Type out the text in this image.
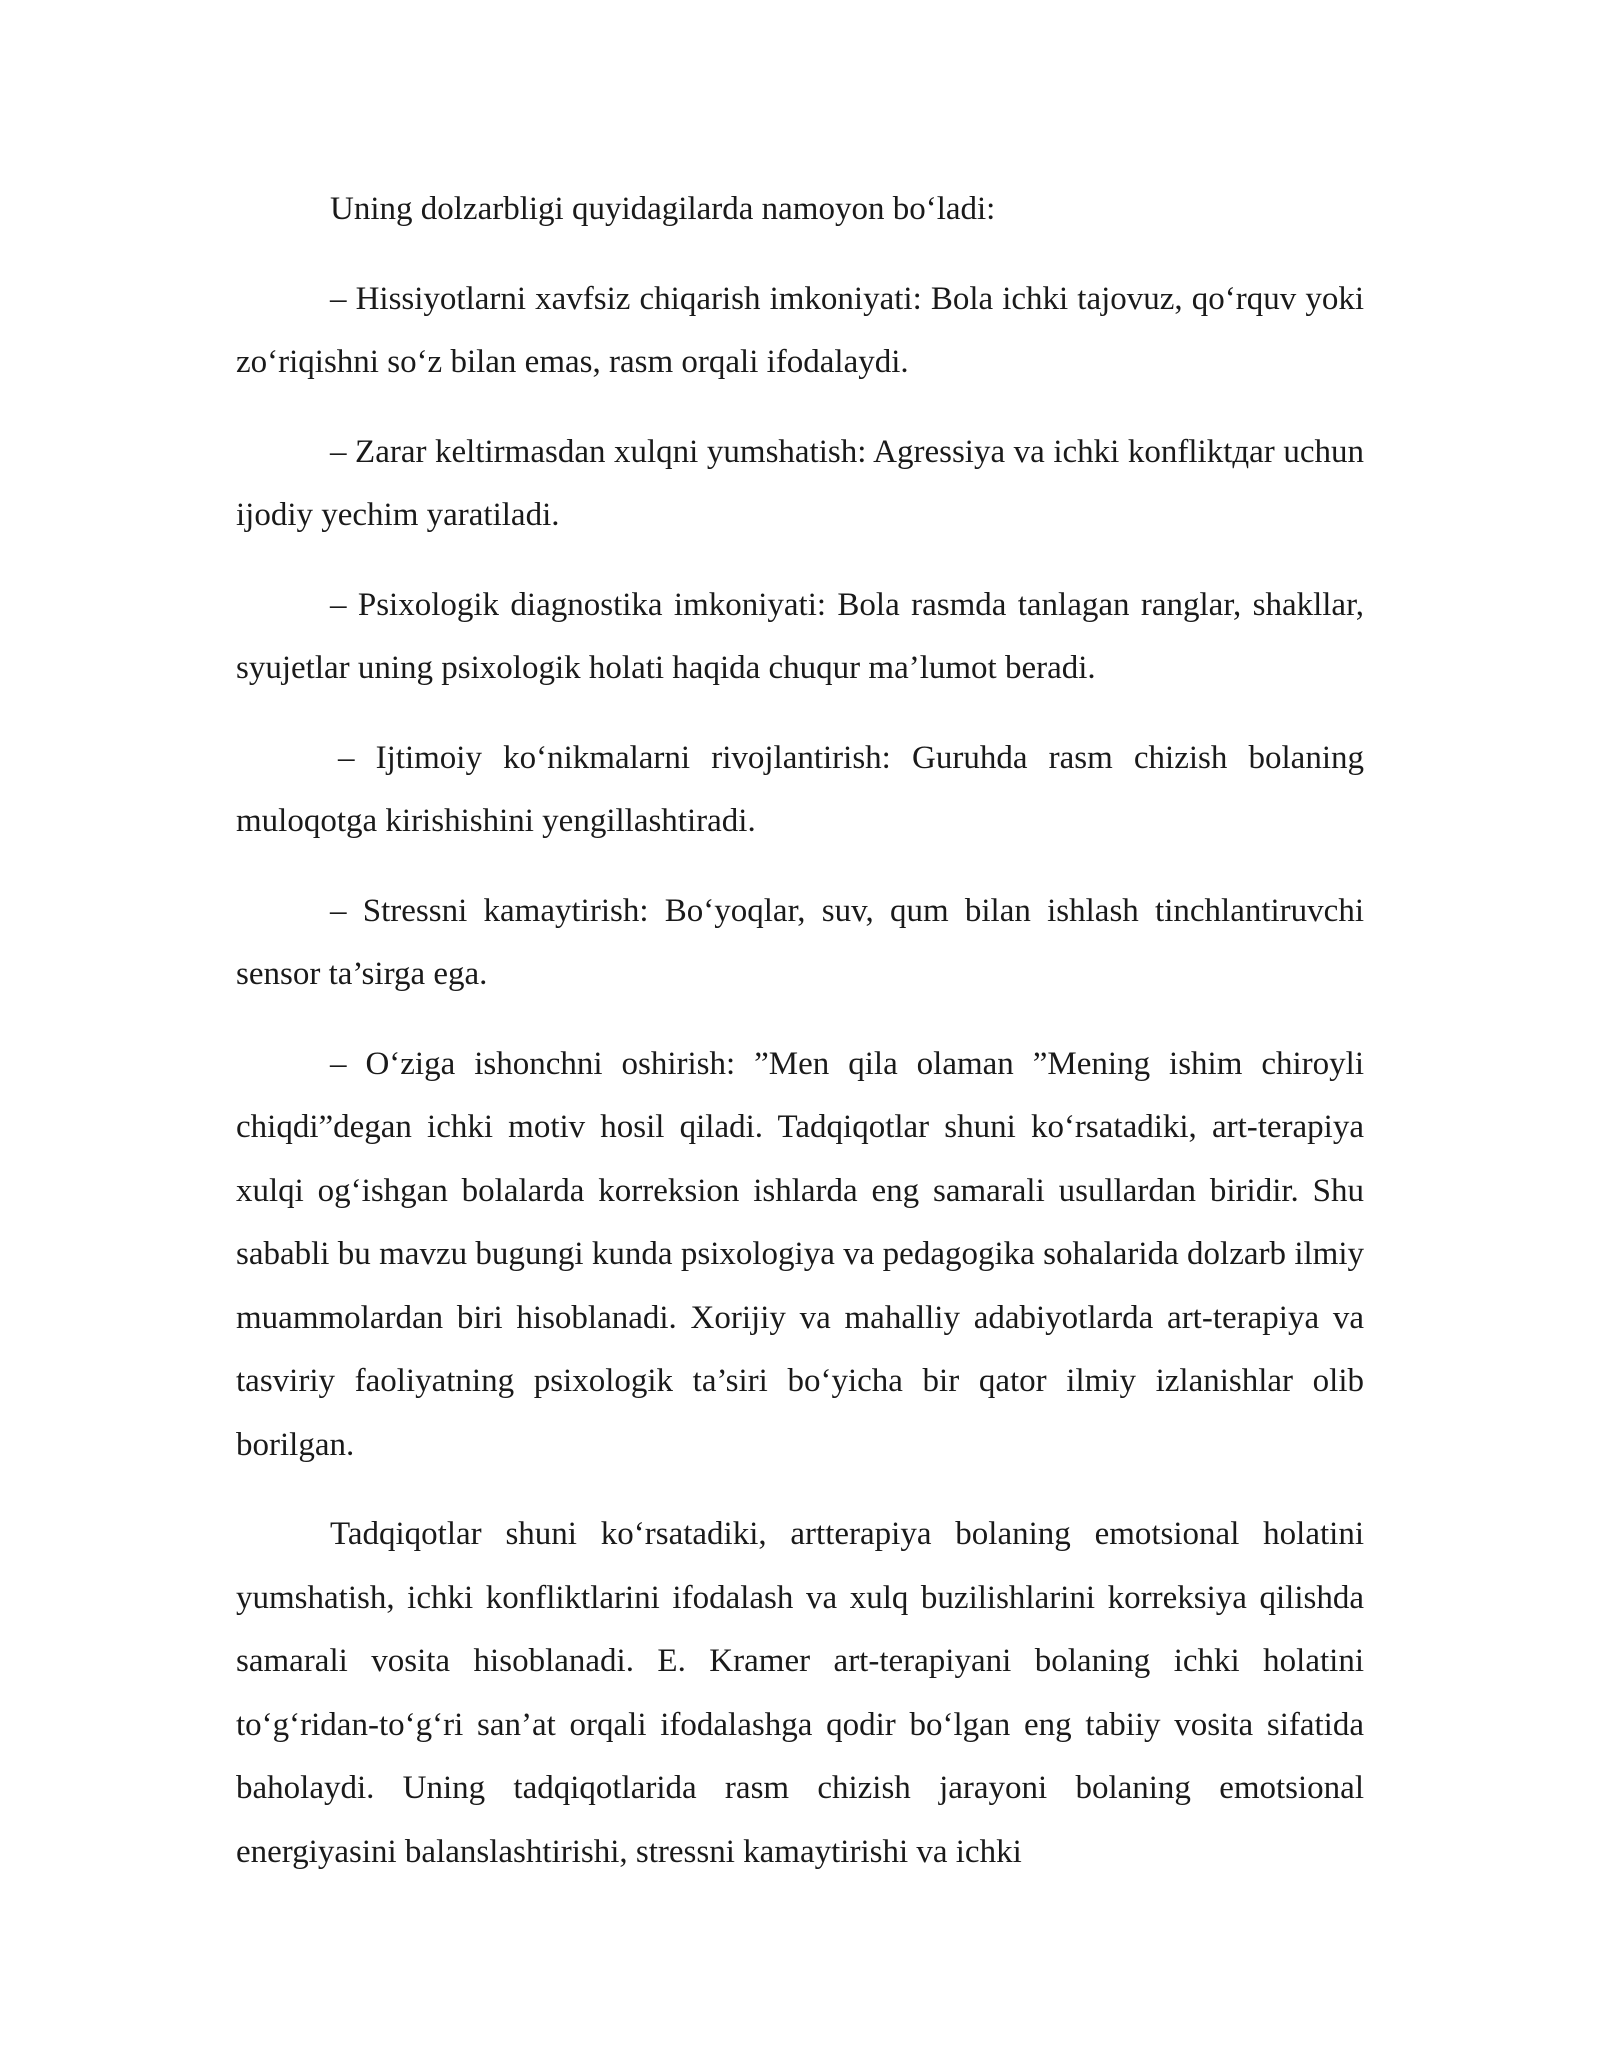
Uning dolzarbligi quyidagilarda namoyon bo‘ladi:

– Hissiyotlarni xavfsiz chiqarish imkoniyati: Bola ichki tajovuz, qo‘rquv yoki zo‘riqishni so‘z bilan emas, rasm orqali ifodalaydi.

– Zarar keltirmasdan xulqni yumshatish: Agressiya va ichki konfliktдar uchun ijodiy yechim yaratiladi.

– Psixologik diagnostika imkoniyati: Bola rasmda tanlagan ranglar, shakllar, syujetlar uning psixologik holati haqida chuqur ma’lumot beradi.

– Ijtimoiy ko‘nikmalarni rivojlantirish: Guruhda rasm chizish bolaning muloqotga kirishishini yengillashtiradi.

– Stressni kamaytirish: Bo‘yoqlar, suv, qum bilan ishlash tinchlantiruvchi sensor ta’sirga ega.

– O‘ziga ishonchni oshirish: ”Men qila olaman ”Mening ishim chiroyli chiqdi”degan ichki motiv hosil qiladi. Tadqiqotlar shuni ko‘rsatadiki, art-terapiya xulqi og‘ishgan bolalarda korreksion ishlarda eng samarali usullardan biridir. Shu sababli bu mavzu bugungi kunda psixologiya va pedagogika sohalarida dolzarb ilmiy muammolardan biri hisoblanadi. Xorijiy va mahalliy adabiyotlarda art-terapiya va tasviriy faoliyatning psixologik ta’siri bo‘yicha bir qator ilmiy izlanishlar olib borilgan.

Tadqiqotlar shuni ko‘rsatadiki, artterapiya bolaning emotsional holatini yumshatish, ichki konfliktlarini ifodalash va xulq buzilishlarini korreksiya qilishda samarali vosita hisoblanadi. E. Kramer art-terapiyani bolaning ichki holatini to‘g‘ridan-to‘g‘ri san’at orqali ifodalashga qodir bo‘lgan eng tabiiy vosita sifatida baholaydi. Uning tadqiqotlarida rasm chizish jarayoni bolaning emotsional energiyasini balanslashtirishi, stressni kamaytirishi va ichki
